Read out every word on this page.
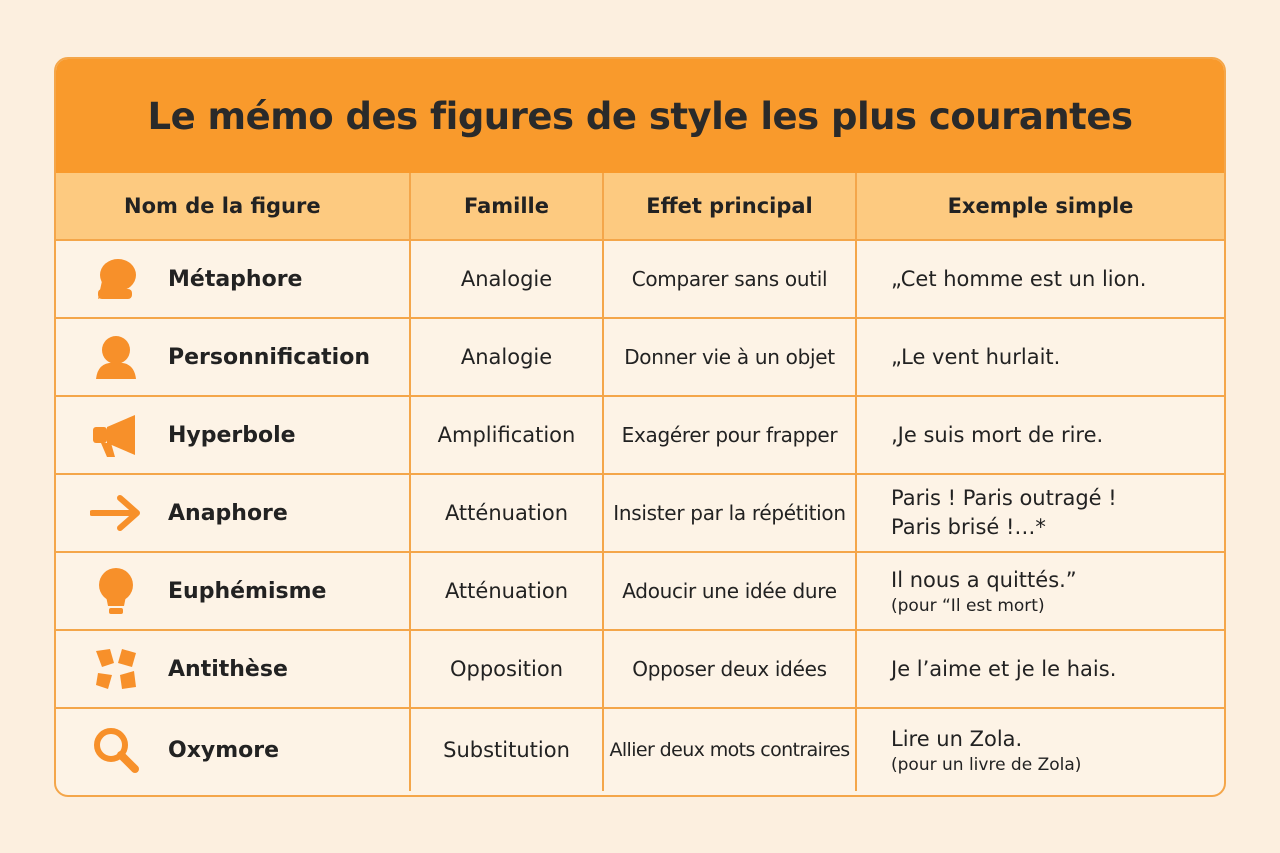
Le mémo des figures de style les plus courantes
Nom de la figure	Famille	Effet principal	Exemple simple

Métaphore	Analogie	Comparer sans outil	„Cet homme est un lion.

Personnification	Analogie	Donner vie à un objet	„Le vent hurlait.

Hyperbole	Amplification	Exagérer pour frapper	‚Je suis mort de rire.

Anaphore	Atténuation	Insister par la répétition	Paris ! Paris outragé !
Paris brisé !…*

Euphémisme	Atténuation	Adoucir une idée dure	Il nous a quittés.”
(pour “Il est mort)

Antithèse	Opposition	Opposer deux idées	Je l’aime et je le hais.

Oxymore	Substitution	Allier deux mots contraires	Lire un Zola.
(pour un livre de Zola)
